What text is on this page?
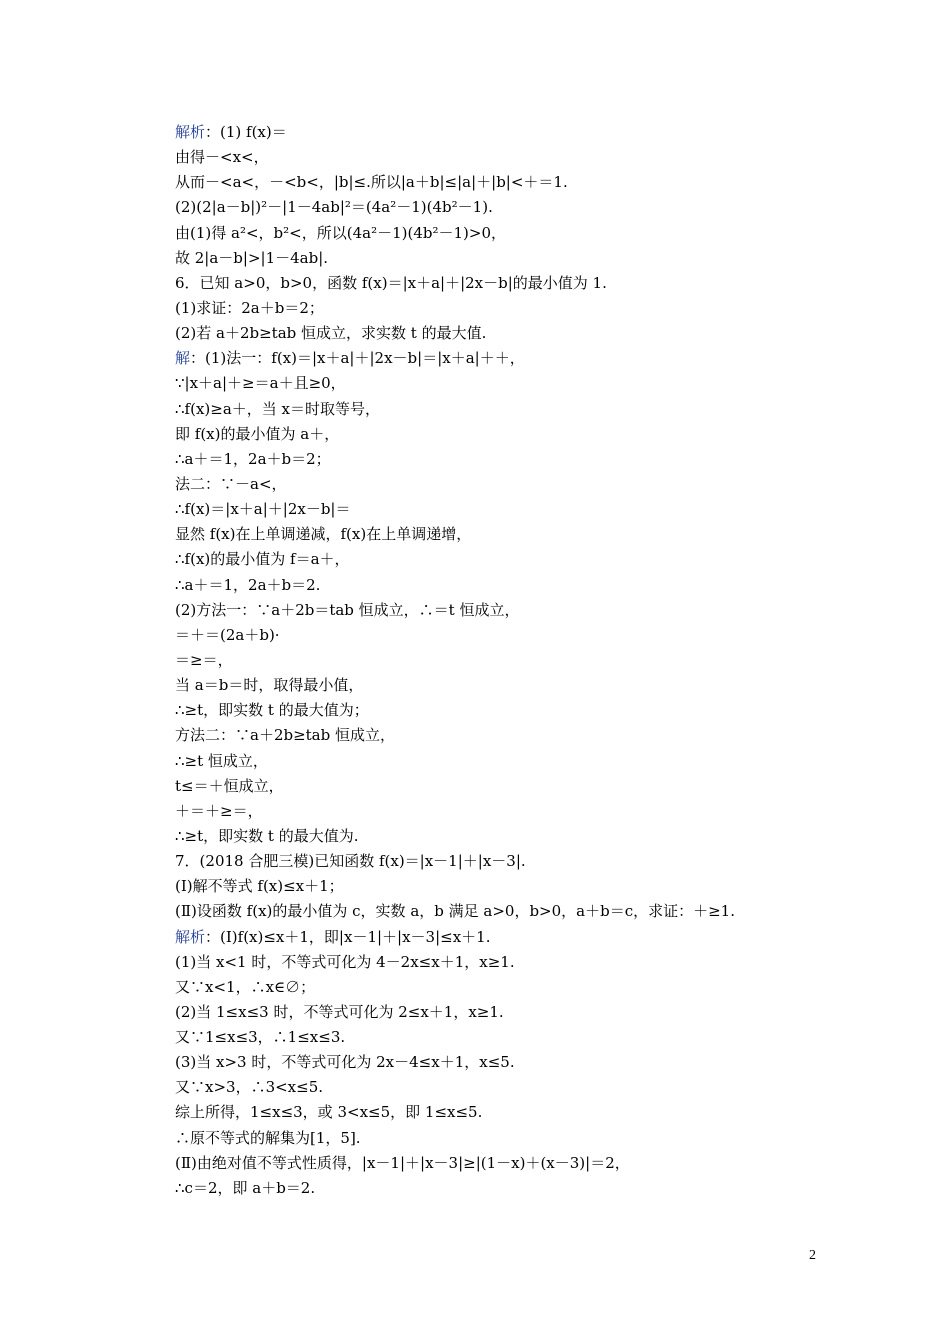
解析：(1) f(x)＝
由得－<x<，
从而－<a<，－<b<，|b|≤.所以|a＋b|≤|a|＋|b|<＋＝1.
(2)(2|a－b|)²－|1－4ab|²＝(4a²－1)(4b²－1).
由(1)得 a²<，b²<，所以(4a²－1)(4b²－1)>0，
故 2|a－b|>|1－4ab|.
6．已知 a>0，b>0，函数 f(x)＝|x＋a|＋|2x－b|的最小值为 1.
(1)求证：2a＋b＝2；
(2)若 a＋2b≥tab 恒成立，求实数 t 的最大值.
解：(1)法一：f(x)＝|x＋a|＋|2x－b|＝|x＋a|＋＋，
∵|x＋a|＋≥＝a＋且≥0，
∴f(x)≥a＋，当 x＝时取等号，
即 f(x)的最小值为 a＋，
∴a＋＝1，2a＋b＝2；
法二：∵－a<，
∴f(x)＝|x＋a|＋|2x－b|＝
显然 f(x)在上单调递减，f(x)在上单调递增，
∴f(x)的最小值为 f＝a＋，
∴a＋＝1，2a＋b＝2.
(2)方法一：∵a＋2b＝tab 恒成立，∴＝t 恒成立，
＝＋＝(2a＋b)·
＝≥＝，
当 a＝b＝时，取得最小值，
∴≥t，即实数 t 的最大值为；
方法二：∵a＋2b≥tab 恒成立，
∴≥t 恒成立，
t≤＝＋恒成立，
＋＝＋≥＝，
∴≥t，即实数 t 的最大值为.
7．(2018 合肥三模)已知函数 f(x)＝|x－1|＋|x－3|.
(Ⅰ)解不等式 f(x)≤x＋1；
(Ⅱ)设函数 f(x)的最小值为 c，实数 a，b 满足 a>0，b>0，a＋b＝c，求证：＋≥1.
解析：(Ⅰ)f(x)≤x＋1，即|x－1|＋|x－3|≤x＋1.
(1)当 x<1 时，不等式可化为 4－2x≤x＋1，x≥1.
又∵x<1，∴x∈∅；
(2)当 1≤x≤3 时，不等式可化为 2≤x＋1，x≥1.
又∵1≤x≤3，∴1≤x≤3.
(3)当 x>3 时，不等式可化为 2x－4≤x＋1，x≤5.
又∵x>3，∴3<x≤5.
综上所得，1≤x≤3，或 3<x≤5，即 1≤x≤5.
∴原不等式的解集为[1，5].
(Ⅱ)由绝对值不等式性质得，|x－1|＋|x－3|≥|(1－x)＋(x－3)|＝2，
∴c＝2，即 a＋b＝2.
2
